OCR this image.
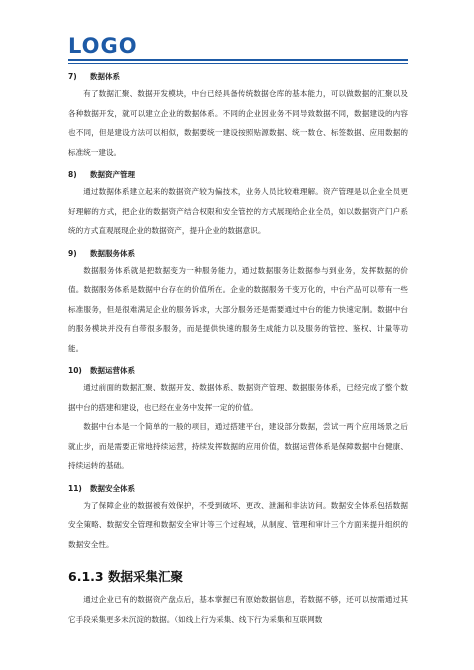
LOGO
7) 数据体系

有了数据汇聚、数据开发模块，中台已经具备传统数据仓库的基本能力，可以做数据的汇聚以及各种数据开发，就可以建立企业的数据体系。不同的企业因业务不同导致数据不同，数据建设的内容也不同，但是建设方法可以相似，数据要统一建设按照贴源数据、统一数仓、标签数据、应用数据的标准统一建设。

8) 数据资产管理

通过数据体系建立起来的数据资产较为偏技术，业务人员比较难理解。资产管理是以企业全员更好理解的方式，把企业的数据资产结合权限和安全管控的方式展现给企业全员，如以数据资产门户系统的方式直观展现企业的数据资产，提升企业的数据意识。

9) 数据服务体系

数据服务体系就是把数据变为一种服务能力，通过数据服务让数据参与到业务，发挥数据的价值。数据服务体系是数据中台存在的价值所在。企业的数据服务千变万化的，中台产品可以带有一些标准服务，但是很难满足企业的服务诉求，大部分服务还是需要通过中台的能力快速定制。数据中台的服务模块并没有自带很多服务，而是提供快速的服务生成能力以及服务的管控、鉴权、计量等功能。

10) 数据运营体系

通过前面的数据汇聚、数据开发、数据体系、数据资产管理、数据服务体系，已经完成了整个数据中台的搭建和建设，也已经在业务中发挥一定的价值。

数据中台本是一个简单的一般的项目，通过搭建平台，建设部分数据，尝试一两个应用场景之后就止步，而是需要正常地持续运营，持续发挥数据的应用价值，数据运营体系是保障数据中台健康、持续运转的基础。

11) 数据安全体系

为了保障企业的数据被有效保护，不受到破坏、更改、泄漏和非法访问。数据安全体系包括数据安全策略、数据安全管理和数据安全审计等三个过程域，从制度、管理和审计三个方面来提升组织的数据安全性。

6.1.3 数据采集汇聚

通过企业已有的数据资产盘点后，基本掌握已有原始数据信息，若数据不够，还可以按需通过其它手段采集更多未沉淀的数据。（如线上行为采集、线下行为采集和互联网数
